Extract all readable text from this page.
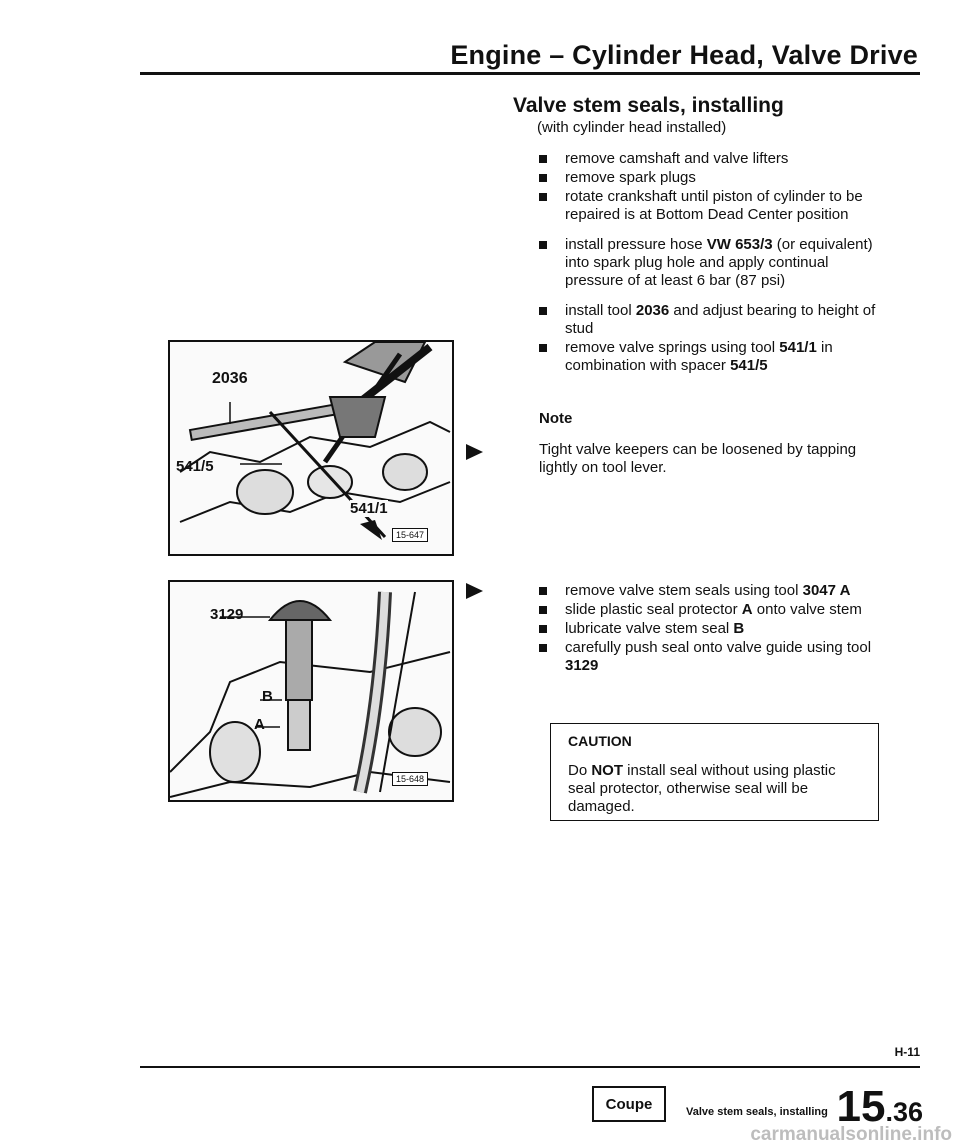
Engine – Cylinder Head, Valve Drive
Valve stem seals, installing
(with cylinder head installed)
remove camshaft and valve lifters
remove spark plugs
rotate crankshaft until piston of cylinder to be repaired is at Bottom Dead Center position
install pressure hose VW 653/3 (or equivalent) into spark plug hole and apply continual pressure of at least 6 bar (87 psi)
install tool 2036 and adjust bearing to height of stud
remove valve springs using tool 541/1 in combination with spacer 541/5
Note
Tight valve keepers can be loosened by tapping lightly on tool lever.
2036
541/5
541/1
15-647
3129
B
A
15-648
remove valve stem seals using tool 3047 A
slide plastic seal protector A onto valve stem
lubricate valve stem seal B
carefully push seal onto valve guide using tool 3129
CAUTION
Do NOT install seal without using plastic seal protector, otherwise seal will be damaged.
H-11
Coupe	Valve stem seals, installing 15.36
carmanualsonline.info
